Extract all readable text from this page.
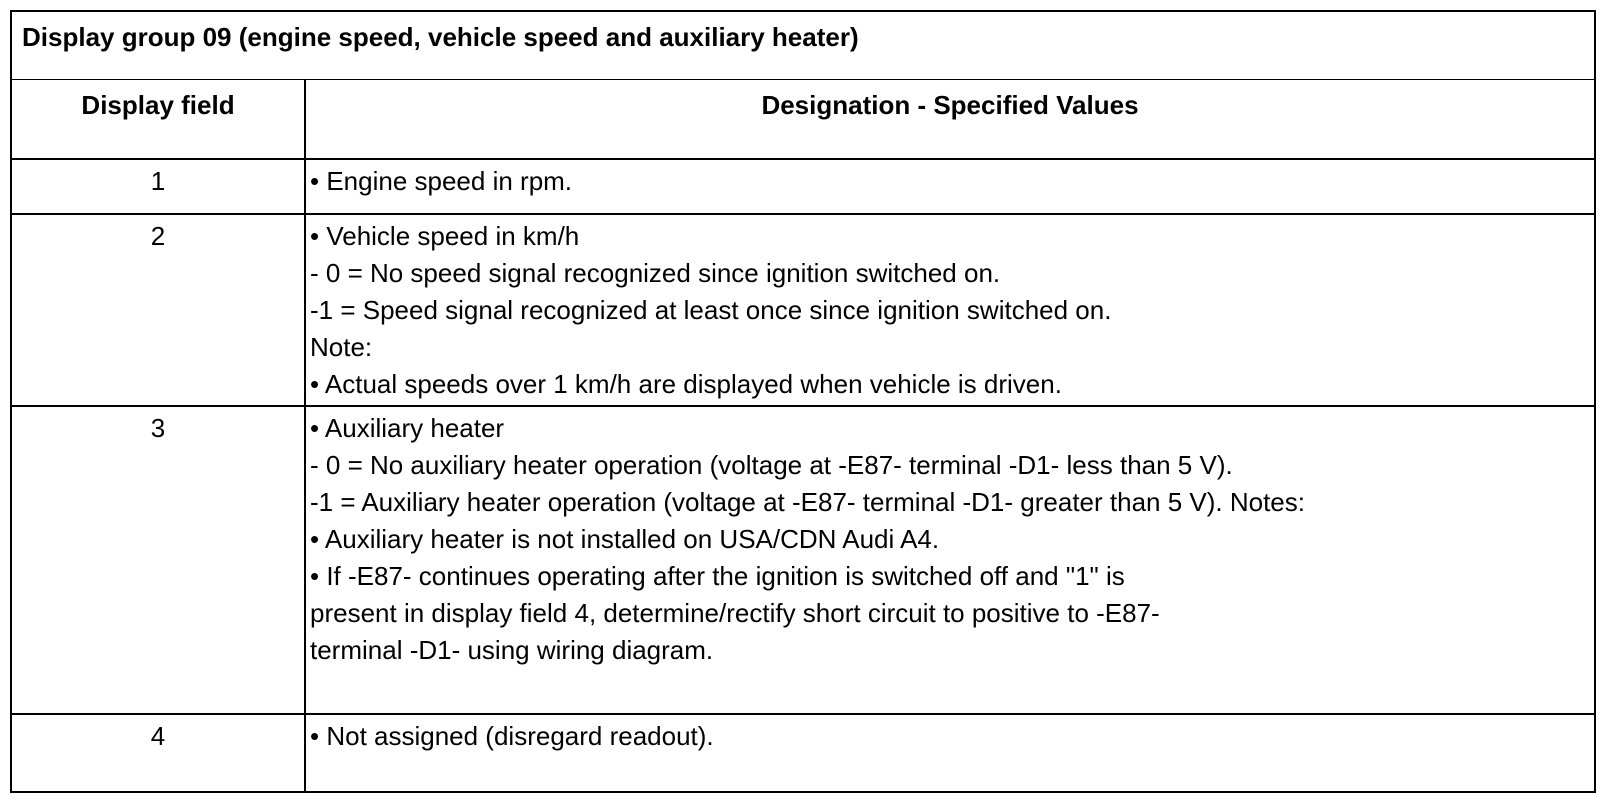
Display group 09 (engine speed, vehicle speed and auxiliary heater)
Display field	Designation - Specified Values
1	• Engine speed in rpm.
2	• Vehicle speed in km/h
- 0 = No speed signal recognized since ignition switched on.
-1 = Speed signal recognized at least once since ignition switched on.
Note:
• Actual speeds over 1 km/h are displayed when vehicle is driven.
3	• Auxiliary heater
- 0 = No auxiliary heater operation (voltage at -E87- terminal -D1- less than 5 V).
-1 = Auxiliary heater operation (voltage at -E87- terminal -D1- greater than 5 V). Notes:
• Auxiliary heater is not installed on USA/CDN Audi A4.
• If -E87- continues operating after the ignition is switched off and "1" is
present in display field 4, determine/rectify short circuit to positive to -E87-
terminal -D1- using wiring diagram.
4	• Not assigned (disregard readout).
